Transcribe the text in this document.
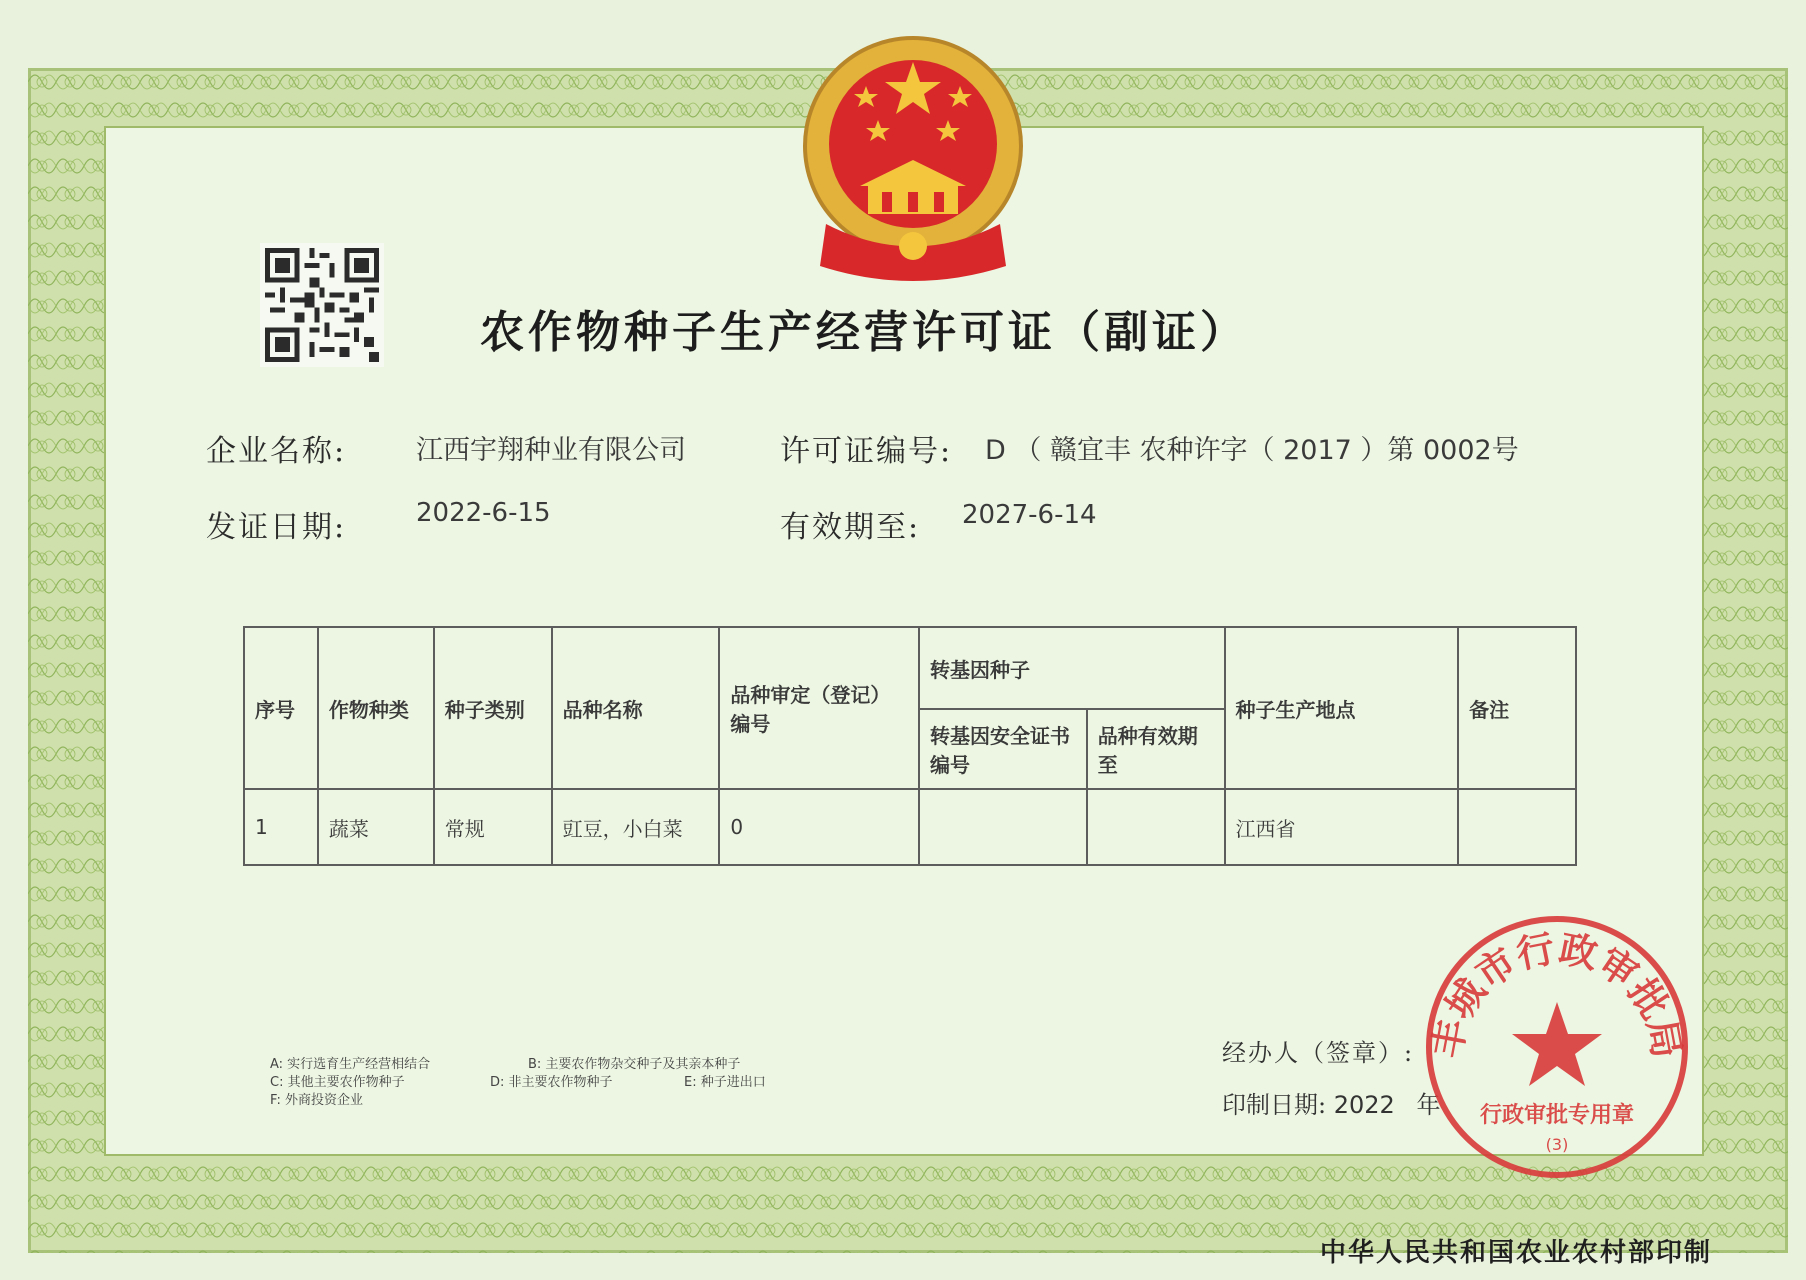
农作物种子生产经营许可证（副证）
企业名称:	江西宇翔种业有限公司	许可证编号: D （ 赣宜丰 农种许字（ 2017 ）第 0002号
发证日期:	2022-6-15	有效期至: 2027-6-14
序号	作物种类	种子类别	品种名称	品种审定（登记）编号	转基因种子		种子生产地点	备注
					转基因安全证书编号	品种有效期至		
1	蔬菜	常规	豇豆，小白菜	0			江西省	
A: 实行选育生产经营相结合	B: 主要农作物杂交种子及其亲本种子
C: 其他主要农作物种子	D: 非主要农作物种子	E: 种子进出口
F: 外商投资企业
经办人（签章）:
印制日期: 2022 年
丰城市行政审批局
行政审批专用章
(3)
中华人民共和国农业农村部印制
